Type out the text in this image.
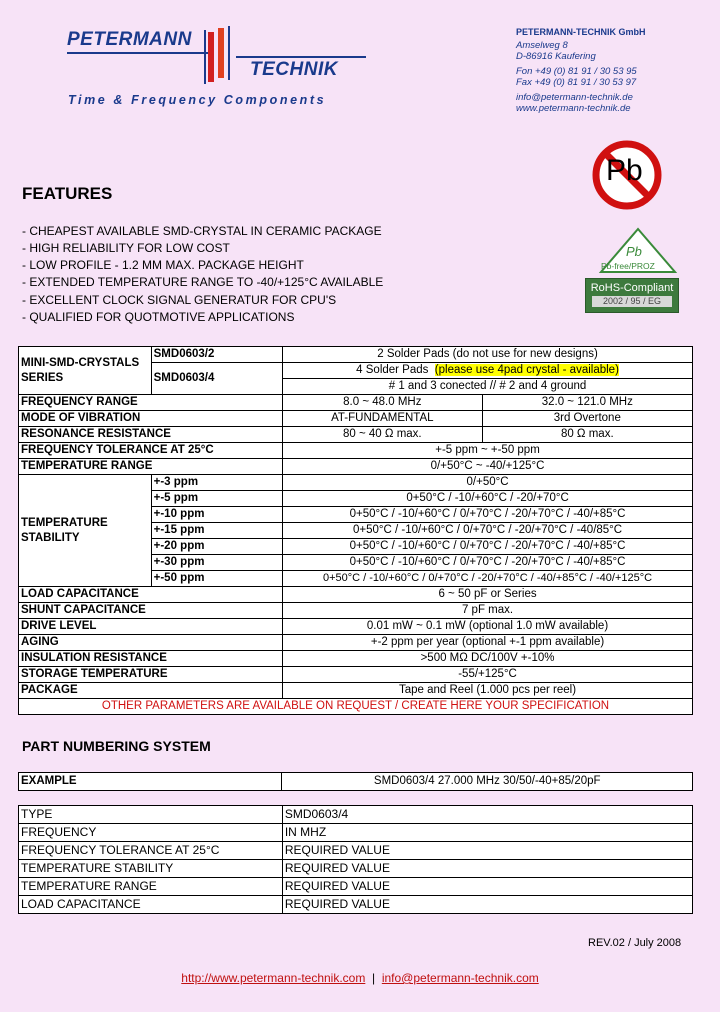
PETERMANN
TECHNIK
Time & Frequency Components
PETERMANN-TECHNIK GmbH
Amselweg 8
D-86916 Kaufering
Fon +49 (0) 81 91 / 30 53 95
Fax +49 (0) 81 91 / 30 53 97
info@petermann-technik.de
www.petermann-technik.de
Pb
Pb
Pb-free/PROZ
RoHS-Compliant
2002 / 95 / EG
FEATURES
- CHEAPEST AVAILABLE SMD-CRYSTAL IN CERAMIC PACKAGE
- HIGH RELIABILITY FOR LOW COST
- LOW PROFILE - 1.2 MM MAX. PACKAGE HEIGHT
- EXTENDED TEMPERATURE RANGE TO -40/+125°C AVAILABLE
- EXCELLENT CLOCK SIGNAL GENERATUR FOR CPU'S
- QUALIFIED FOR QUOTMOTIVE APPLICATIONS
MINI-SMD-CRYSTALS SERIES	SMD0603/2	2 Solder Pads (do not use for new designs)	
	SMD0603/4	4 Solder Pads (please use 4pad crystal - available)	
		# 1 and 3 conected // # 2 and 4 ground	
FREQUENCY RANGE		8.0 ~ 48.0 MHz	32.0 ~ 121.0 MHz
MODE OF VIBRATION		AT-FUNDAMENTAL	3rd Overtone
RESONANCE RESISTANCE		80 ~ 40 Ω max.	80 Ω max.
FREQUENCY TOLERANCE AT 25°C		+-5 ppm ~ +-50 ppm	
TEMPERATURE RANGE		0/+50°C ~ -40/+125°C	
TEMPERATURE STABILITY	+-3 ppm	0/+50°C	
	+-5 ppm	0+50°C / -10/+60°C / -20/+70°C	
	+-10 ppm	0+50°C / -10/+60°C / 0/+70°C / -20/+70°C / -40/+85°C	
	+-15 ppm	0+50°C / -10/+60°C / 0/+70°C / -20/+70°C / -40/85°C	
	+-20 ppm	0+50°C / -10/+60°C / 0/+70°C / -20/+70°C / -40/+85°C	
	+-30 ppm	0+50°C / -10/+60°C / 0/+70°C / -20/+70°C / -40/+85°C	
	+-50 ppm	0+50°C / -10/+60°C / 0/+70°C / -20/+70°C / -40/+85°C / -40/+125°C	
LOAD CAPACITANCE		6 ~ 50 pF or Series	
SHUNT CAPACITANCE		7 pF max.	
DRIVE LEVEL		0.01 mW ~ 0.1 mW (optional 1.0 mW available)	
AGING		+-2 ppm per year (optional +-1 ppm available)	
INSULATION RESISTANCE		>500 MΩ DC/100V +-10%	
STORAGE TEMPERATURE		-55/+125°C	
PACKAGE		Tape and Reel (1.000 pcs per reel)	
OTHER PARAMETERS ARE AVAILABLE ON REQUEST / CREATE HERE YOUR SPECIFICATION			
PART NUMBERING SYSTEM
EXAMPLE	SMD0603/4 27.000 MHz 30/50/-40+85/20pF
TYPE	SMD0603/4
FREQUENCY	IN MHZ
FREQUENCY TOLERANCE AT 25°C	REQUIRED VALUE
TEMPERATURE STABILITY	REQUIRED VALUE
TEMPERATURE RANGE	REQUIRED VALUE
LOAD CAPACITANCE	REQUIRED VALUE
REV.02 / July 2008
http://www.petermann-technik.com | info@petermann-technik.com
